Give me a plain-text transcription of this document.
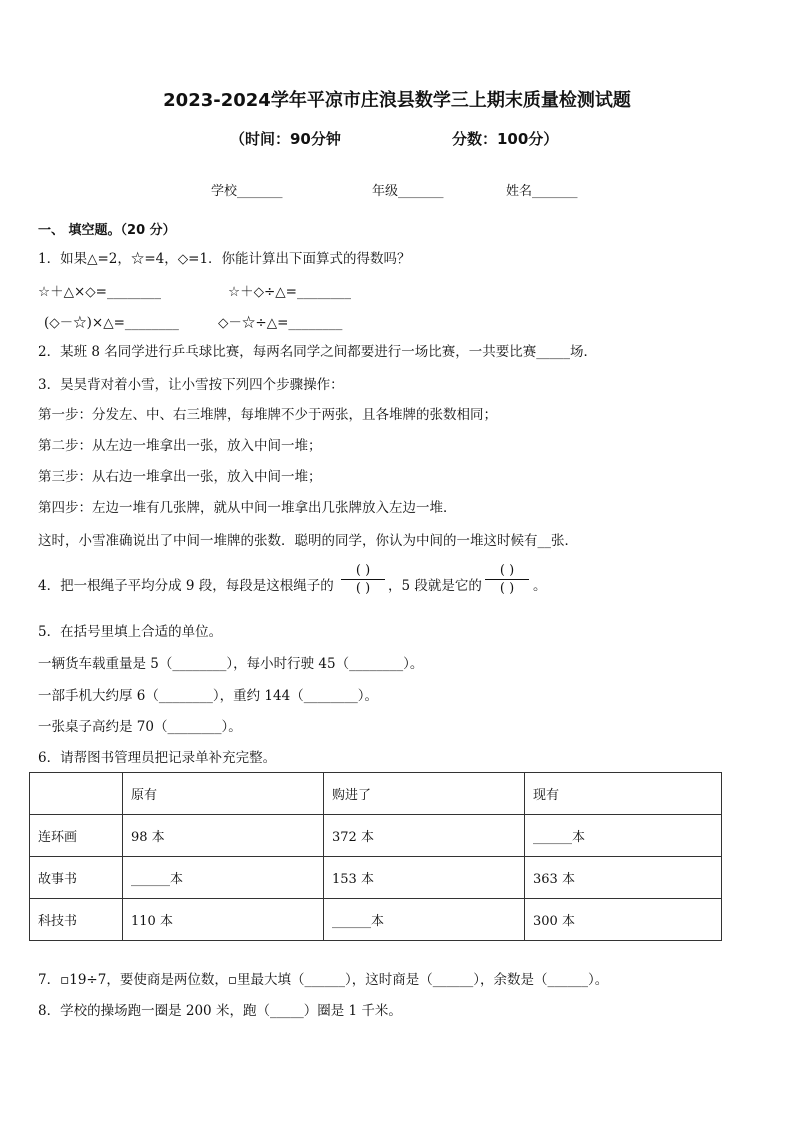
2023-2024学年平凉市庄浪县数学三上期末质量检测试题
（时间：90分钟	分数：100分）
学校_______	年级_______	姓名_______
一、 填空题。（20 分）
1．如果△=2，☆=4，◇=1．你能计算出下面算式的得数吗？
☆＋△×◇=________	☆＋◇÷△=________
(◇－☆)×△=________	◇－☆÷△=________
2．某班 8 名同学进行乒乓球比赛，每两名同学之间都要进行一场比赛，一共要比赛_____场．
3．昊昊背对着小雪，让小雪按下列四个步骤操作：
第一步：分发左、中、右三堆牌，每堆牌不少于两张，且各堆牌的张数相同；
第二步：从左边一堆拿出一张，放入中间一堆；
第三步：从右边一堆拿出一张，放入中间一堆；
第四步：左边一堆有几张牌，就从中间一堆拿出几张牌放入左边一堆．
这时，小雪准确说出了中间一堆牌的张数．聪明的同学，你认为中间的一堆这时候有__张．
4．把一根绳子平均分成 9 段，每段是这根绳子的
( )
( )	，5 段就是它的
( )
( )	。
5．在括号里填上合适的单位。
一辆货车载重量是 5（________），每小时行驶 45（________）。
一部手机大约厚 6（________），重约 144（________）。
一张桌子高约是 70（________）。
6．请帮图书管理员把记录单补充完整。
	原有	购进了	现有
连环画	98 本	372 本	______本
故事书	______本	153 本	363 本
科技书	110 本	______本	300 本
7．▫19÷7，要使商是两位数，▫里最大填（______），这时商是（______），余数是（______）。
8．学校的操场跑一圈是 200 米，跑（_____）圈是 1 千米。
